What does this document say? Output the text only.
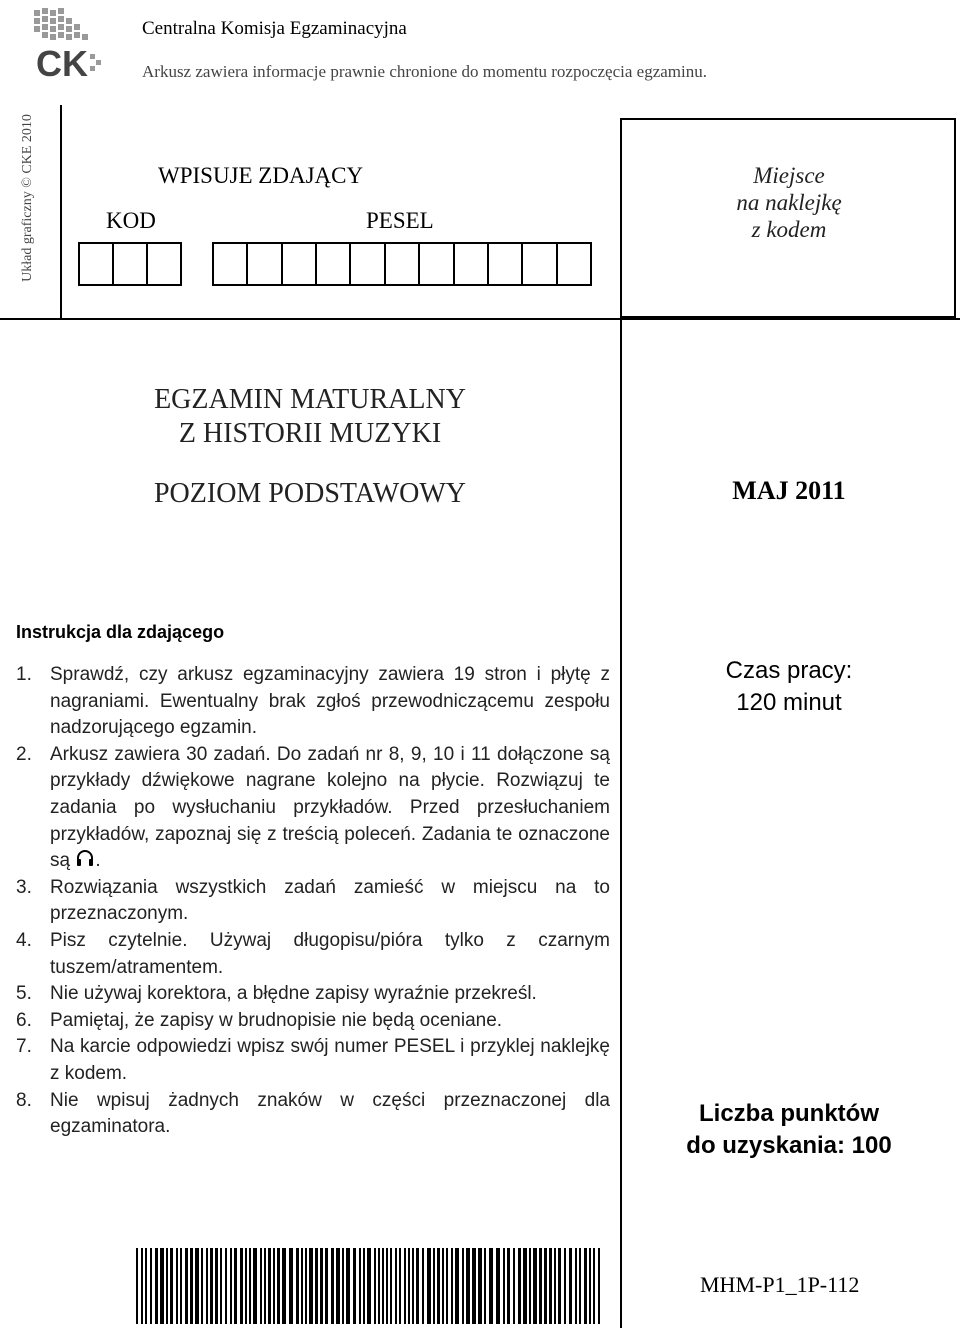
CK
Centralna Komisja Egzaminacyjna
Arkusz zawiera informacje prawnie chronione do momentu rozpoczęcia egzaminu.
Układ graficzny © CKE 2010	WPISUJE ZDAJĄCY
KOD	PESEL
Miejsce
na naklejkę
z kodem
EGZAMIN MATURALNY
Z HISTORII MUZYKI
POZIOM PODSTAWOWY	MAJ 2011
Instrukcja dla zdającego
1. Sprawdź, czy arkusz egzaminacyjny zawiera 19 stron i płytę z nagraniami. Ewentualny brak zgłoś przewodniczącemu zespołu nadzorującego egzamin.
2. Arkusz zawiera 30 zadań. Do zadań nr 8, 9, 10 i 11 dołączone są przykłady dźwiękowe nagrane kolejno na płycie. Rozwiązuj te zadania po wysłuchaniu przykładów. Przed przesłuchaniem przykładów, zapoznaj się z treścią poleceń. Zadania te oznaczone są .
3. Rozwiązania wszystkich zadań zamieść w miejscu na to przeznaczonym.
4. Pisz czytelnie. Używaj długopisu/pióra tylko z czarnym tuszem/atramentem.
5. Nie używaj korektora, a błędne zapisy wyraźnie przekreśl.
6. Pamiętaj, że zapisy w brudnopisie nie będą oceniane.
7. Na karcie odpowiedzi wpisz swój numer PESEL i przyklej naklejkę z kodem.
8. Nie wpisuj żadnych znaków w części przeznaczonej dla egzaminatora.
Czas pracy:
120 minut
Liczba punktów
do uzyskania: 100
MHM-P1_1P-112
